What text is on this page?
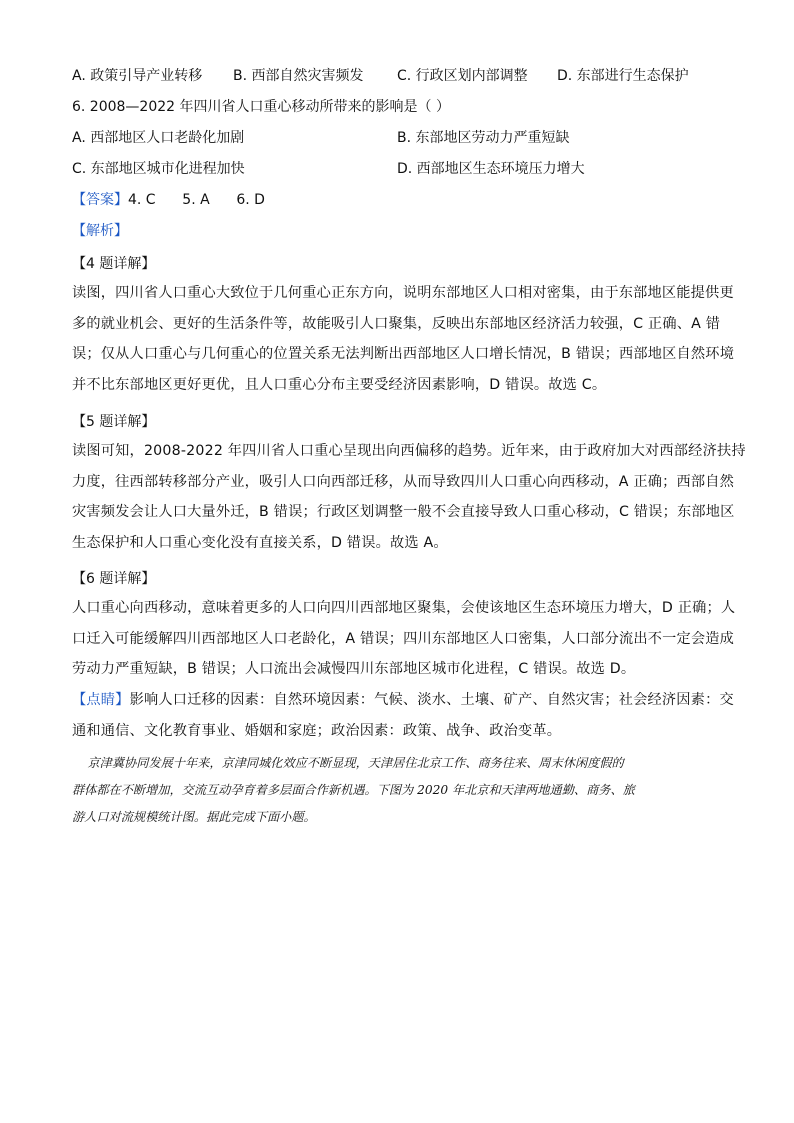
A. 政策引导产业转移 B. 西部自然灾害频发 C. 行政区划内部调整 D. 东部进行生态保护
6. 2008—2022 年四川省人口重心移动所带来的影响是（ ）
A. 西部地区人口老龄化加剧	B. 东部地区劳动力严重短缺
C. 东部地区城市化进程加快	D. 西部地区生态环境压力增大
【答案】4. C      5. A      6. D
【解析】
【4 题详解】
读图，四川省人口重心大致位于几何重心正东方向，说明东部地区人口相对密集，由于东部地区能提供更
多的就业机会、更好的生活条件等，故能吸引人口聚集，反映出东部地区经济活力较强，C 正确、A 错
误；仅从人口重心与几何重心的位置关系无法判断出西部地区人口增长情况，B 错误；西部地区自然环境
并不比东部地区更好更优，且人口重心分布主要受经济因素影响，D 错误。故选 C。
【5 题详解】
读图可知，2008-2022 年四川省人口重心呈现出向西偏移的趋势。近年来，由于政府加大对西部经济扶持
力度，往西部转移部分产业，吸引人口向西部迁移，从而导致四川人口重心向西移动，A 正确；西部自然
灾害频发会让人口大量外迁，B 错误；行政区划调整一般不会直接导致人口重心移动，C 错误；东部地区
生态保护和人口重心变化没有直接关系，D 错误。故选 A。
【6 题详解】
人口重心向西移动，意味着更多的人口向四川西部地区聚集，会使该地区生态环境压力增大，D 正确；人
口迁入可能缓解四川西部地区人口老龄化，A 错误；四川东部地区人口密集，人口部分流出不一定会造成
劳动力严重短缺，B 错误；人口流出会减慢四川东部地区城市化进程，C 错误。故选 D。
【点睛】影响人口迁移的因素：自然环境因素：气候、淡水、土壤、矿产、自然灾害；社会经济因素：交
通和通信、文化教育事业、婚姻和家庭；政治因素：政策、战争、政治变革。
京津冀协同发展十年来，京津同城化效应不断显现，天津居住北京工作、商务往来、周末休闲度假的
群体都在不断增加，交流互动孕育着多层面合作新机遇。下图为 2020 年北京和天津两地通勤、商务、旅
游人口对流规模统计图。据此完成下面小题。
